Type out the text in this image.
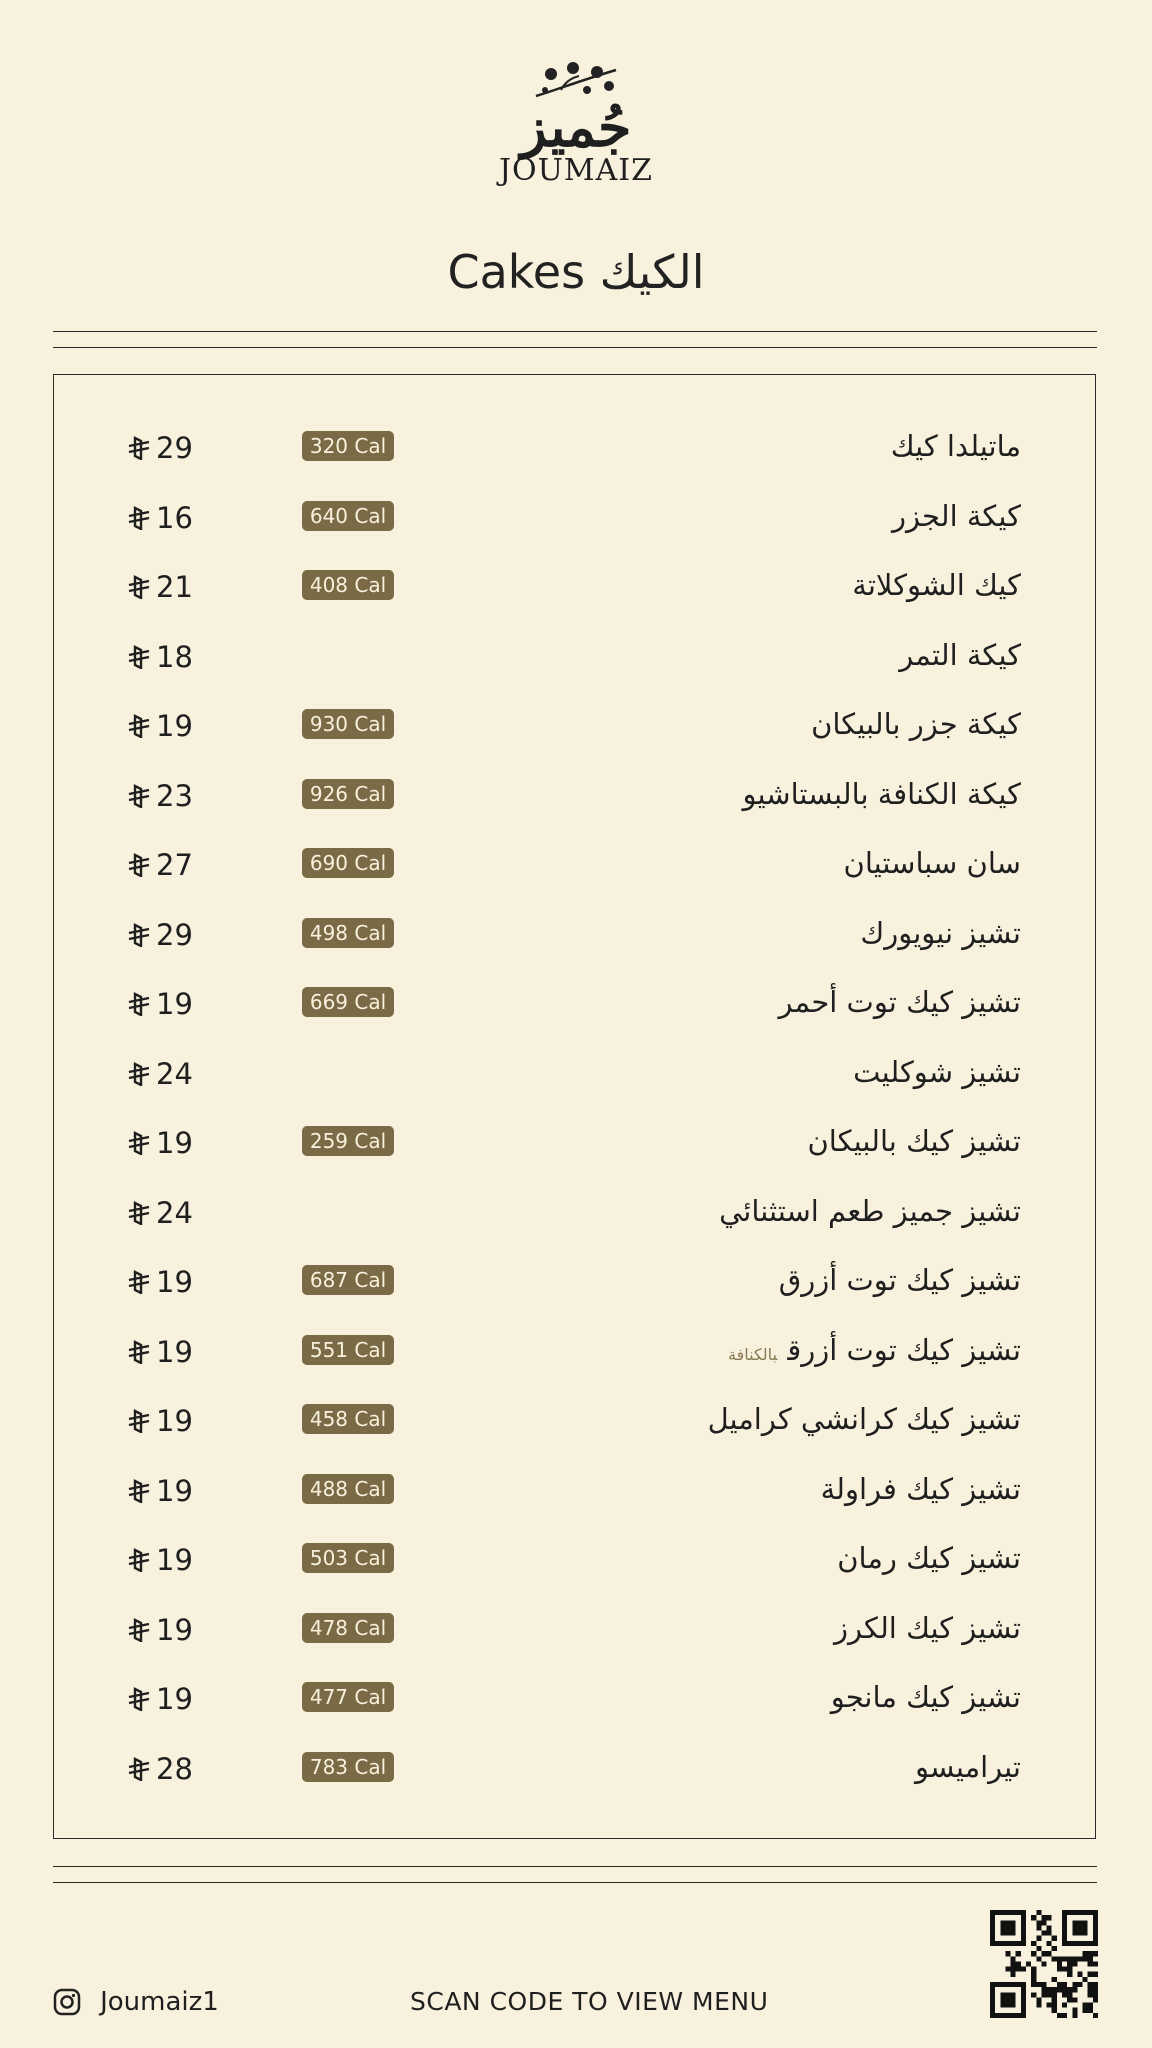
جُميز
JOUMAIZ
Cakes الكيك
ماتيلدا كيك
320 Cal
29
كيكة الجزر
640 Cal
16
كيك الشوكلاتة
408 Cal
21
كيكة التمر
18
كيكة جزر بالبيكان
930 Cal
19
كيكة الكنافة بالبستاشيو
926 Cal
23
سان سباستيان
690 Cal
27
تشيز نيويورك
498 Cal
29
تشيز كيك توت أحمر
669 Cal
19
تشيز شوكليت
24
تشيز كيك بالبيكان
259 Cal
19
تشيز جميز طعم استثنائي
24
تشيز كيك توت أزرق
687 Cal
19
تشيز كيك توت أزرقبالكنافة
551 Cal
19
تشيز كيك كرانشي كراميل
458 Cal
19
تشيز كيك فراولة
488 Cal
19
تشيز كيك رمان
503 Cal
19
تشيز كيك الكرز
478 Cal
19
تشيز كيك مانجو
477 Cal
19
تيراميسو
783 Cal
28
Joumaiz1	SCAN CODE TO VIEW MENU
